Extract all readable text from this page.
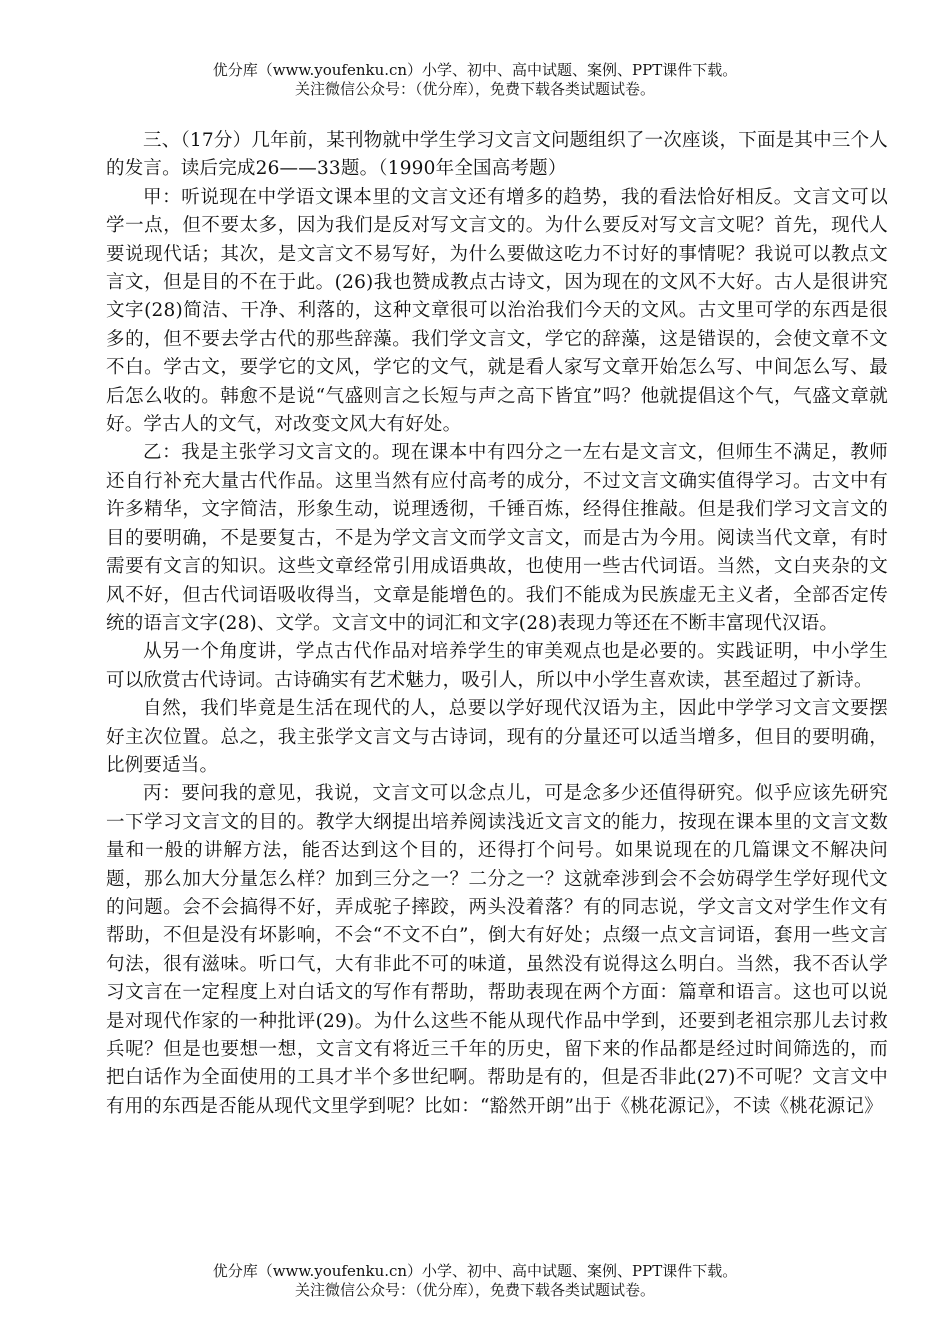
优分库（www.youfenku.cn）小学、初中、高中试题、案例、PPT课件下载。
关注微信公众号：（优分库），免费下载各类试题试卷。

三、（17分）几年前，某刊物就中学生学习文言文问题组织了一次座谈，下面是其中三个人的发言。读后完成26——33题。（1990年全国高考题）

甲：听说现在中学语文课本里的文言文还有增多的趋势，我的看法恰好相反。文言文可以学一点，但不要太多，因为我们是反对写文言文的。为什么要反对写文言文呢？首先，现代人要说现代话；其次，是文言文不易写好，为什么要做这吃力不讨好的事情呢？我说可以教点文言文，但是目的不在于此。(26)我也赞成教点古诗文，因为现在的文风不大好。古人是很讲究文字(28)简洁、干净、利落的，这种文章很可以治治我们今天的文风。古文里可学的东西是很多的，但不要去学古代的那些辞藻。我们学文言文，学它的辞藻，这是错误的，会使文章不文不白。学古文，要学它的文风，学它的文气，就是看人家写文章开始怎么写、中间怎么写、最后怎么收的。韩愈不是说“气盛则言之长短与声之高下皆宜”吗？他就提倡这个气，气盛文章就好。学古人的文气，对改变文风大有好处。

乙：我是主张学习文言文的。现在课本中有四分之一左右是文言文，但师生不满足，教师还自行补充大量古代作品。这里当然有应付高考的成分，不过文言文确实值得学习。古文中有许多精华，文字简洁，形象生动，说理透彻，千锤百炼，经得住推敲。但是我们学习文言文的目的要明确，不是要复古，不是为学文言文而学文言文，而是古为今用。阅读当代文章，有时需要有文言的知识。这些文章经常引用成语典故，也使用一些古代词语。当然，文白夹杂的文风不好，但古代词语吸收得当，文章是能增色的。我们不能成为民族虚无主义者，全部否定传统的语言文字(28)、文学。文言文中的词汇和文字(28)表现力等还在不断丰富现代汉语。

从另一个角度讲，学点古代作品对培养学生的审美观点也是必要的。实践证明，中小学生可以欣赏古代诗词。古诗确实有艺术魅力，吸引人，所以中小学生喜欢读，甚至超过了新诗。

自然，我们毕竟是生活在现代的人，总要以学好现代汉语为主，因此中学学习文言文要摆好主次位置。总之，我主张学文言文与古诗词，现有的分量还可以适当增多，但目的要明确，比例要适当。

丙：要问我的意见，我说，文言文可以念点儿，可是念多少还值得研究。似乎应该先研究一下学习文言文的目的。教学大纲提出培养阅读浅近文言文的能力，按现在课本里的文言文数量和一般的讲解方法，能否达到这个目的，还得打个问号。如果说现在的几篇课文不解决问题，那么加大分量怎么样？加到三分之一？二分之一？这就牵涉到会不会妨碍学生学好现代文的问题。会不会搞得不好，弄成驼子摔跤，两头没着落？有的同志说，学文言文对学生作文有帮助，不但是没有坏影响，不会“不文不白”，倒大有好处；点缀一点文言词语，套用一些文言句法，很有滋味。听口气，大有非此不可的味道，虽然没有说得这么明白。当然，我不否认学习文言在一定程度上对白话文的写作有帮助，帮助表现在两个方面：篇章和语言。这也可以说是对现代作家的一种批评(29)。为什么这些不能从现代作品中学到，还要到老祖宗那儿去讨救兵呢？但是也要想一想，文言文有将近三千年的历史，留下来的作品都是经过时间筛选的，而把白话作为全面使用的工具才半个多世纪啊。帮助是有的，但是否非此(27)不可呢？文言文中有用的东西是否能从现代文里学到呢？比如：“豁然开朗”出于《桃花源记》，不读《桃花源记》

优分库（www.youfenku.cn）小学、初中、高中试题、案例、PPT课件下载。
关注微信公众号：（优分库），免费下载各类试题试卷。
